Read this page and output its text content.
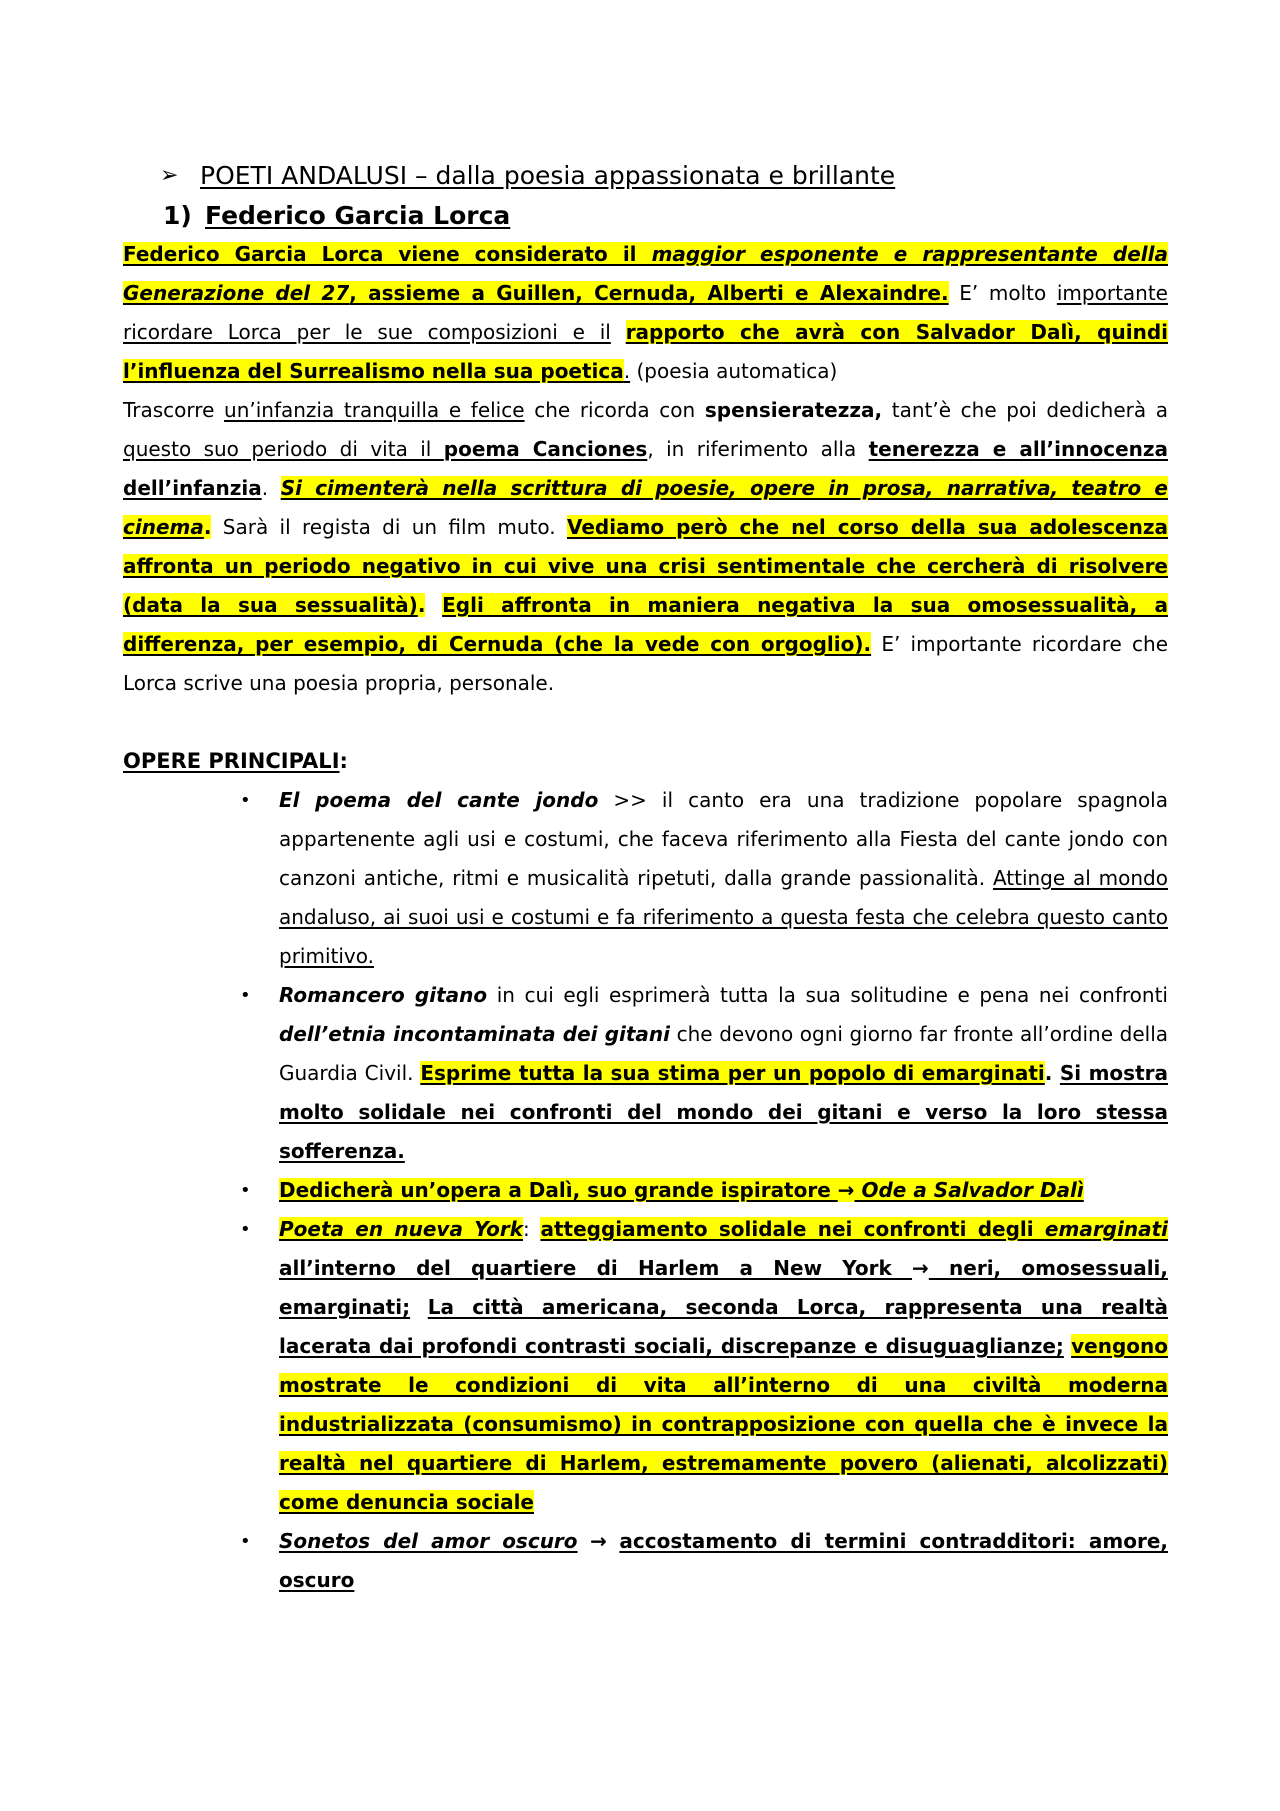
➢ POETI ANDALUSI – dalla poesia appassionata e brillante
1) Federico Garcia Lorca

Federico Garcia Lorca viene considerato il maggior esponente e rappresentante della Generazione del 27, assieme a Guillen, Cernuda, Alberti e Alexaindre. E’ molto importante ricordare Lorca per le sue composizioni e il rapporto che avrà con Salvador Dalì, quindi l’influenza del Surrealismo nella sua poetica. (poesia automatica)
Trascorre un’infanzia tranquilla e felice che ricorda con spensieratezza, tant’è che poi dedicherà a questo suo periodo di vita il poema Canciones, in riferimento alla tenerezza e all’innocenza dell’infanzia. Si cimenterà nella scrittura di poesie, opere in prosa, narrativa, teatro e cinema. Sarà il regista di un film muto. Vediamo però che nel corso della sua adolescenza affronta un periodo negativo in cui vive una crisi sentimentale che cercherà di risolvere (data la sua sessualità). Egli affronta in maniera negativa la sua omosessualità, a differenza, per esempio, di Cernuda (che la vede con orgoglio). E’ importante ricordare che Lorca scrive una poesia propria, personale.

OPERE PRINCIPALI:
• El poema del cante jondo >> il canto era una tradizione popolare spagnola appartenente agli usi e costumi, che faceva riferimento alla Fiesta del cante jondo con canzoni antiche, ritmi e musicalità ripetuti, dalla grande passionalità. Attinge al mondo andaluso, ai suoi usi e costumi e fa riferimento a questa festa che celebra questo canto primitivo.
• Romancero gitano in cui egli esprimerà tutta la sua solitudine e pena nei confronti dell’etnia incontaminata dei gitani che devono ogni giorno far fronte all’ordine della Guardia Civil. Esprime tutta la sua stima per un popolo di emarginati. Si mostra molto solidale nei confronti del mondo dei gitani e verso la loro stessa sofferenza.
• Dedicherà un’opera a Dalì, suo grande ispiratore → Ode a Salvador Dalì
• Poeta en nueva York: atteggiamento solidale nei confronti degli emarginati all’interno del quartiere di Harlem a New York → neri, omosessuali, emarginati; La città americana, seconda Lorca, rappresenta una realtà lacerata dai profondi contrasti sociali, discrepanze e disuguaglianze; vengono mostrate le condizioni di vita all’interno di una civiltà moderna industrializzata (consumismo) in contrapposizione con quella che è invece la realtà nel quartiere di Harlem, estremamente povero (alienati, alcolizzati) come denuncia sociale
• Sonetos del amor oscuro → accostamento di termini contradditori: amore, oscuro
